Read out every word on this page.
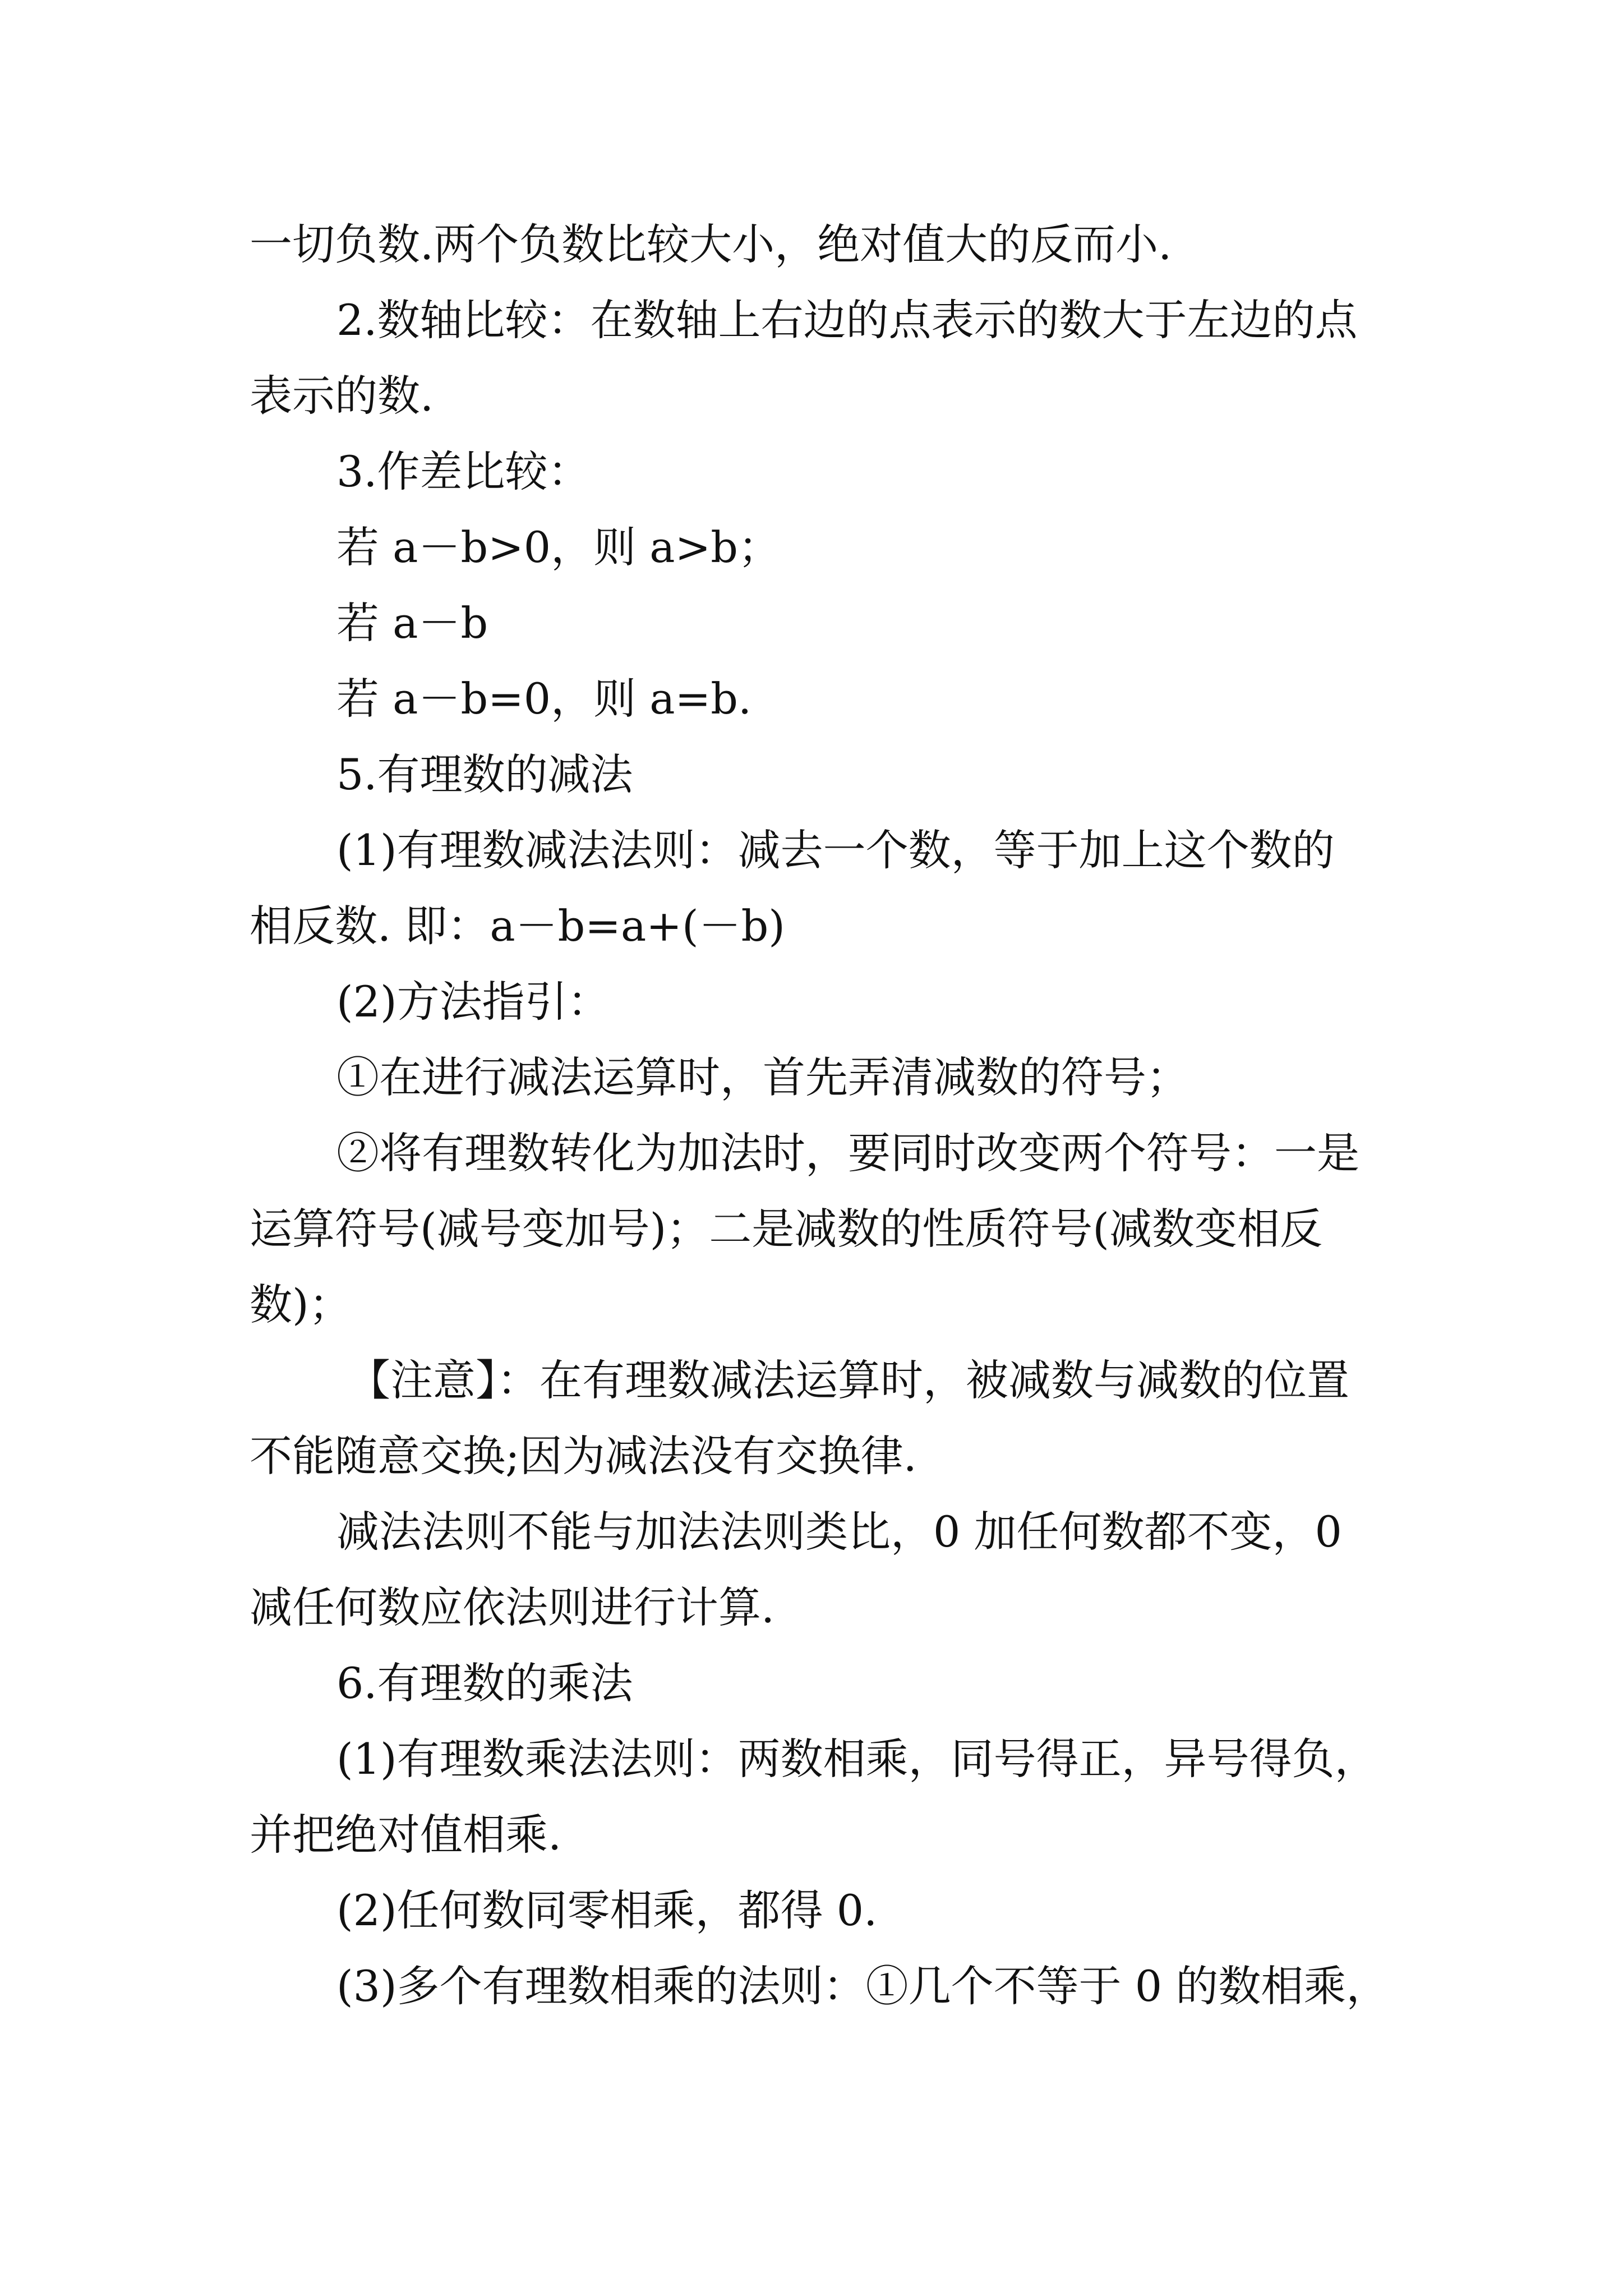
一切负数.两个负数比较大小，绝对值大的反而小.
2.数轴比较：在数轴上右边的点表示的数大于左边的点
表示的数.
3.作差比较：
若 a－b>0，则 a>b；
若 a－b
若 a－b=0，则 a=b.
5.有理数的减法
(1)有理数减法法则：减去一个数，等于加上这个数的
相反数. 即：a－b=a+(－b)
(2)方法指引：
①在进行减法运算时，首先弄清减数的符号；
②将有理数转化为加法时，要同时改变两个符号：一是
运算符号(减号变加号)；二是减数的性质符号(减数变相反
数)；
【注意】：在有理数减法运算时，被减数与减数的位置
不能随意交换;因为减法没有交换律.
减法法则不能与加法法则类比，0 加任何数都不变，0
减任何数应依法则进行计算.
6.有理数的乘法
(1)有理数乘法法则：两数相乘，同号得正，异号得负，
并把绝对值相乘.
(2)任何数同零相乘，都得 0.
(3)多个有理数相乘的法则：①几个不等于 0 的数相乘，
